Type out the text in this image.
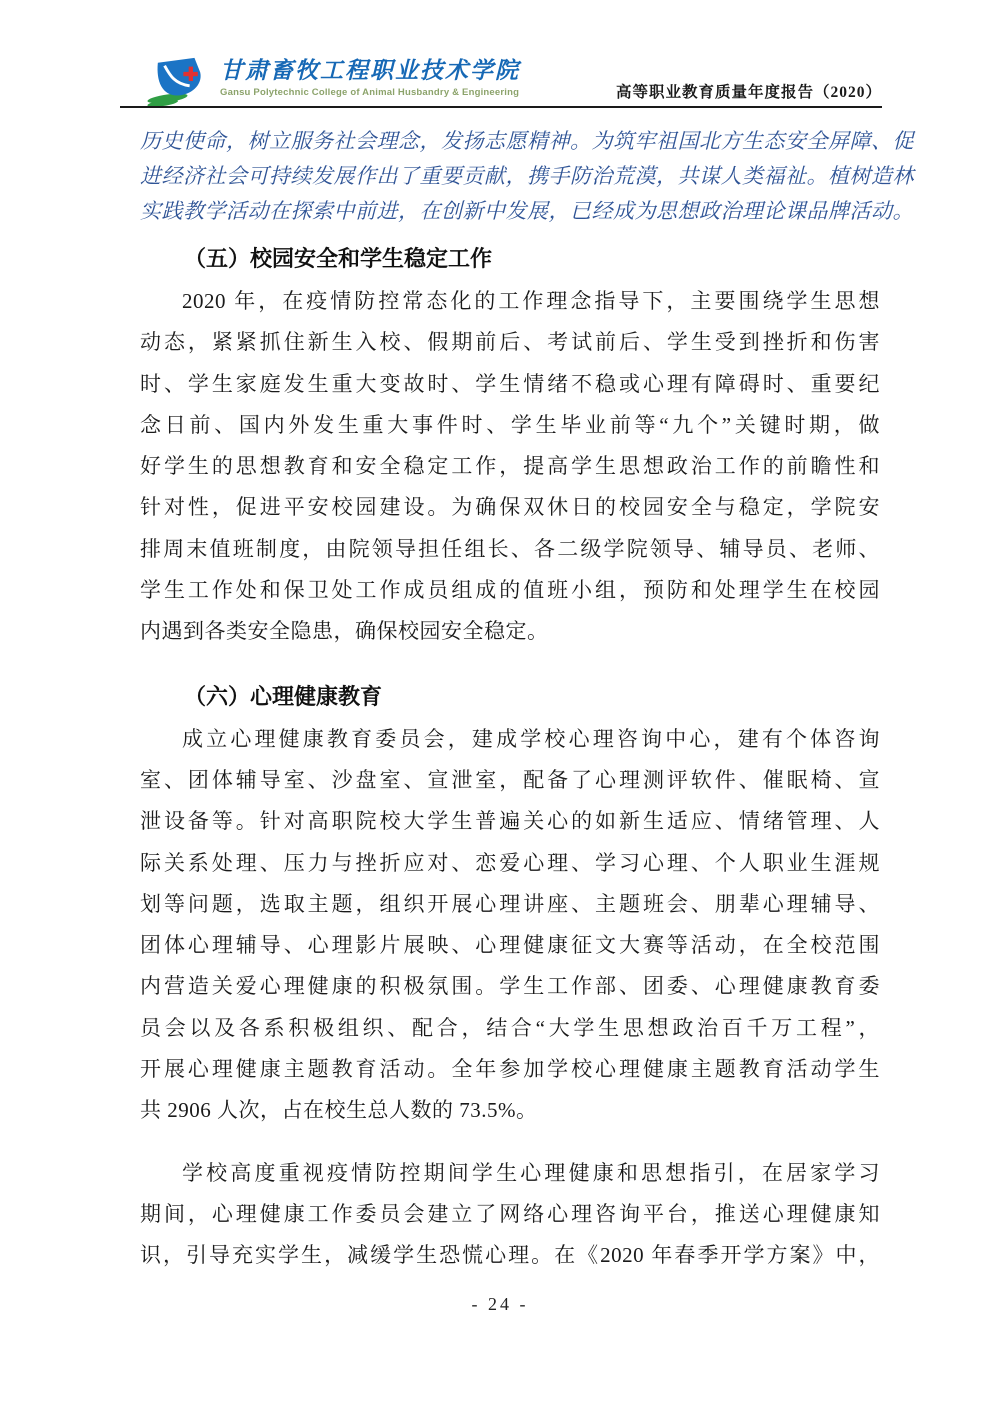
甘肃畜牧工程职业技术学院
Gansu Polytechnic College of Animal Husbandry & Engineering	高等职业教育质量年度报告（2020）
历史使命，树立服务社会理念，发扬志愿精神。为筑牢祖国北方生态安全屏障、促
进经济社会可持续发展作出了重要贡献，携手防治荒漠，共谋人类福祉。植树造林
实践教学活动在探索中前进，在创新中发展，已经成为思想政治理论课品牌活动。
（五）校园安全和学生稳定工作
2020 年，在疫情防控常态化的工作理念指导下，主要围绕学生思想
动态，紧紧抓住新生入校、假期前后、考试前后、学生受到挫折和伤害
时、学生家庭发生重大变故时、学生情绪不稳或心理有障碍时、重要纪
念日前、国内外发生重大事件时、学生毕业前等“九个”关键时期，做
好学生的思想教育和安全稳定工作，提高学生思想政治工作的前瞻性和
针对性，促进平安校园建设。为确保双休日的校园安全与稳定，学院安
排周末值班制度，由院领导担任组长、各二级学院领导、辅导员、老师、
学生工作处和保卫处工作成员组成的值班小组，预防和处理学生在校园
内遇到各类安全隐患，确保校园安全稳定。
（六）心理健康教育
成立心理健康教育委员会，建成学校心理咨询中心，建有个体咨询
室、团体辅导室、沙盘室、宣泄室，配备了心理测评软件、催眠椅、宣
泄设备等。针对高职院校大学生普遍关心的如新生适应、情绪管理、人
际关系处理、压力与挫折应对、恋爱心理、学习心理、个人职业生涯规
划等问题，选取主题，组织开展心理讲座、主题班会、朋辈心理辅导、
团体心理辅导、心理影片展映、心理健康征文大赛等活动，在全校范围
内营造关爱心理健康的积极氛围。学生工作部、团委、心理健康教育委
员会以及各系积极组织、配合，结合“大学生思想政治百千万工程”，
开展心理健康主题教育活动。全年参加学校心理健康主题教育活动学生
共 2906 人次，占在校生总人数的 73.5%。
学校高度重视疫情防控期间学生心理健康和思想指引，在居家学习
期间，心理健康工作委员会建立了网络心理咨询平台，推送心理健康知
识，引导充实学生，减缓学生恐慌心理。在《2020 年春季开学方案》中，
- 24 -
